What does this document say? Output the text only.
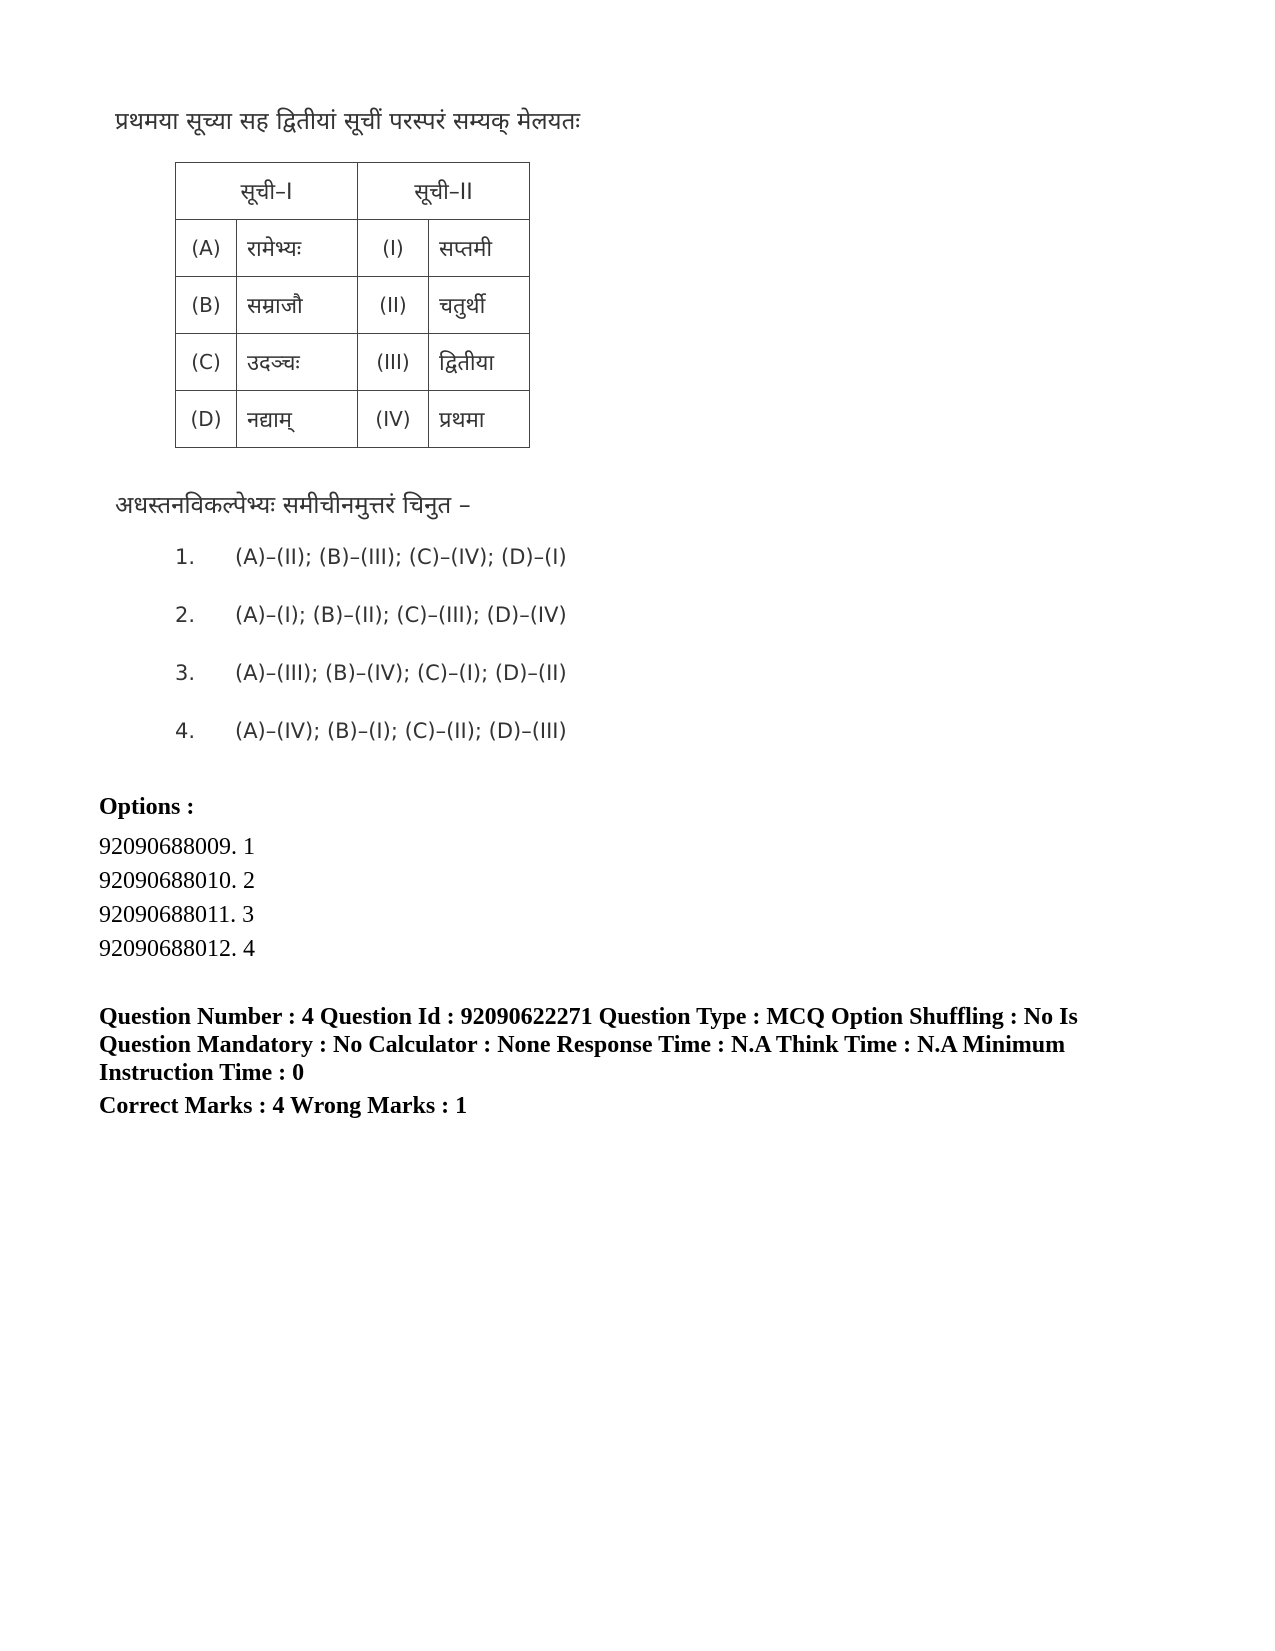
प्रथमया सूच्या सह द्वितीयां सूचीं परस्परं सम्यक् मेलयतः
सूची–I		सूची–II	
(A)	रामेभ्यः	(I)	सप्तमी
(B)	सम्राजौ	(II)	चतुर्थी
(C)	उदञ्चः	(III)	द्वितीया
(D)	नद्याम्	(IV)	प्रथमा
अधस्तनविकल्पेभ्यः समीचीनमुत्तरं चिनुत –
1.	(A)–(II); (B)–(III); (C)–(IV); (D)–(I)
2.	(A)–(I); (B)–(II); (C)–(III); (D)–(IV)
3.	(A)–(III); (B)–(IV); (C)–(I); (D)–(II)
4.	(A)–(IV); (B)–(I); (C)–(II); (D)–(III)
Options :
92090688009. 1
92090688010. 2
92090688011. 3
92090688012. 4
Question Number : 4 Question Id : 92090622271 Question Type : MCQ Option Shuffling : No Is Question Mandatory : No Calculator : None Response Time : N.A Think Time : N.A Minimum Instruction Time : 0
Correct Marks : 4 Wrong Marks : 1
